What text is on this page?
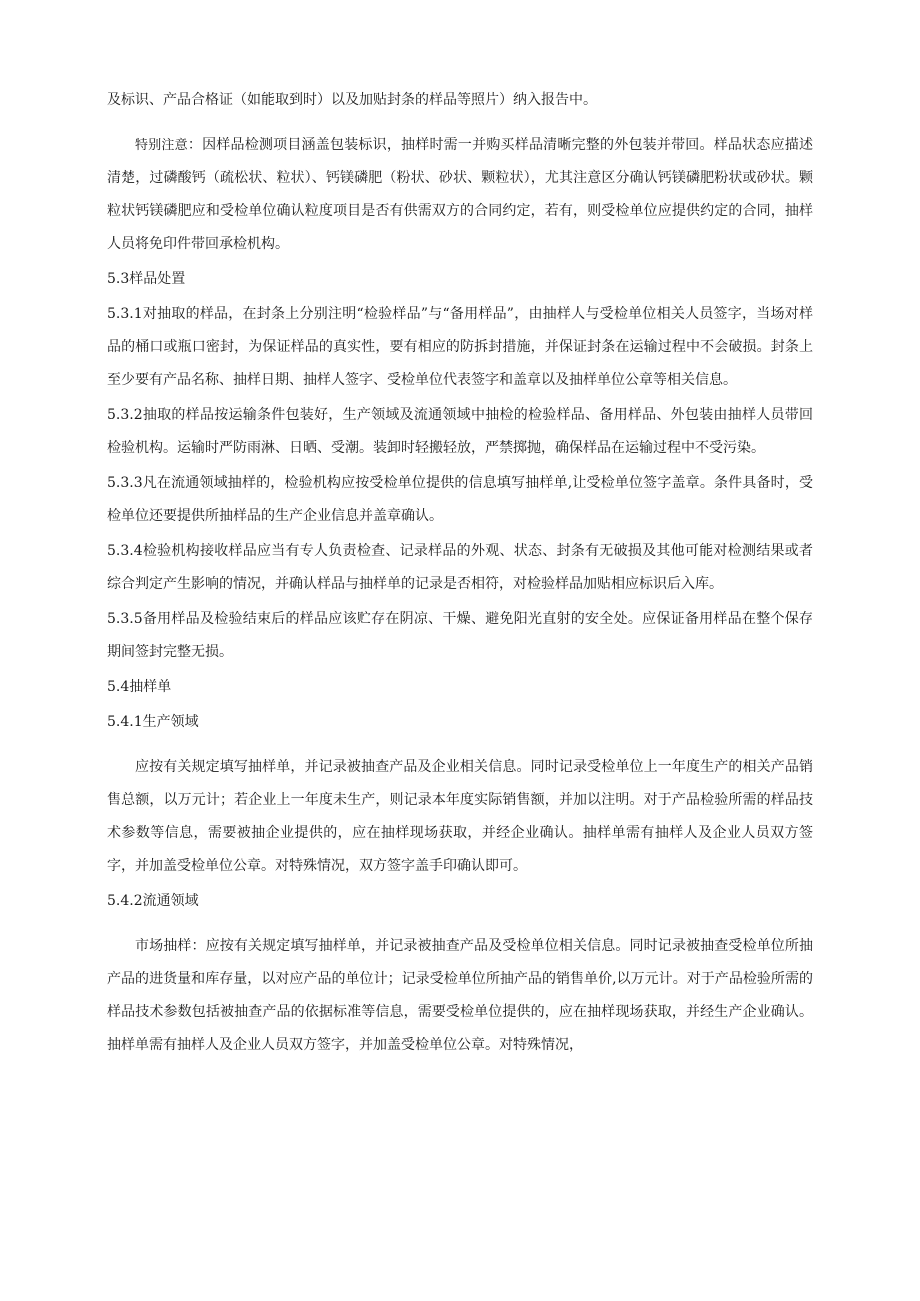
及标识、产品合格证（如能取到时）以及加贴封条的样品等照片）纳入报告中。

特别注意：因样品检测项目涵盖包装标识，抽样时需一并购买样品清晰完整的外包装并带回。样品状态应描述清楚，过磷酸钙（疏松状、粒状）、钙镁磷肥（粉状、砂状、颗粒状），尤其注意区分确认钙镁磷肥粉状或砂状。颗粒状钙镁磷肥应和受检单位确认粒度项目是否有供需双方的合同约定，若有，则受检单位应提供约定的合同，抽样人员将免印件带回承检机构。

5.3样品处置

5.3.1对抽取的样品，在封条上分别注明“检验样品”与“备用样品”，由抽样人与受检单位相关人员签字，当场对样品的桶口或瓶口密封，为保证样品的真实性，要有相应的防拆封措施，并保证封条在运输过程中不会破损。封条上至少要有产品名称、抽样日期、抽样人签字、受检单位代表签字和盖章以及抽样单位公章等相关信息。

5.3.2抽取的样品按运输条件包装好，生产领域及流通领域中抽检的检验样品、备用样品、外包装由抽样人员带回检验机构。运输时严防雨淋、日晒、受潮。装卸时轻搬轻放，严禁掷抛，确保样品在运输过程中不受污染。

5.3.3凡在流通领域抽样的，检验机构应按受检单位提供的信息填写抽样单,让受检单位签字盖章。条件具备时，受检单位还要提供所抽样品的生产企业信息并盖章确认。

5.3.4检验机构接收样品应当有专人负责检查、记录样品的外观、状态、封条有无破损及其他可能对检测结果或者综合判定产生影响的情况，并确认样品与抽样单的记录是否相符，对检验样品加贴相应标识后入库。

5.3.5备用样品及检验结束后的样品应该贮存在阴凉、干燥、避免阳光直射的安全处。应保证备用样品在整个保存期间签封完整无损。

5.4抽样单

5.4.1生产领域

应按有关规定填写抽样单，并记录被抽查产品及企业相关信息。同时记录受检单位上一年度生产的相关产品销售总额，以万元计；若企业上一年度未生产，则记录本年度实际销售额，并加以注明。对于产品检验所需的样品技术参数等信息，需要被抽企业提供的，应在抽样现场获取，并经企业确认。抽样单需有抽样人及企业人员双方签字，并加盖受检单位公章。对特殊情况，双方签字盖手印确认即可。

5.4.2流通领域

市场抽样：应按有关规定填写抽样单，并记录被抽查产品及受检单位相关信息。同时记录被抽查受检单位所抽产品的进货量和库存量，以对应产品的单位计；记录受检单位所抽产品的销售单价,以万元计。对于产品检验所需的样品技术参数包括被抽查产品的依据标准等信息，需要受检单位提供的，应在抽样现场获取，并经生产企业确认。抽样单需有抽样人及企业人员双方签字，并加盖受检单位公章。对特殊情况，
